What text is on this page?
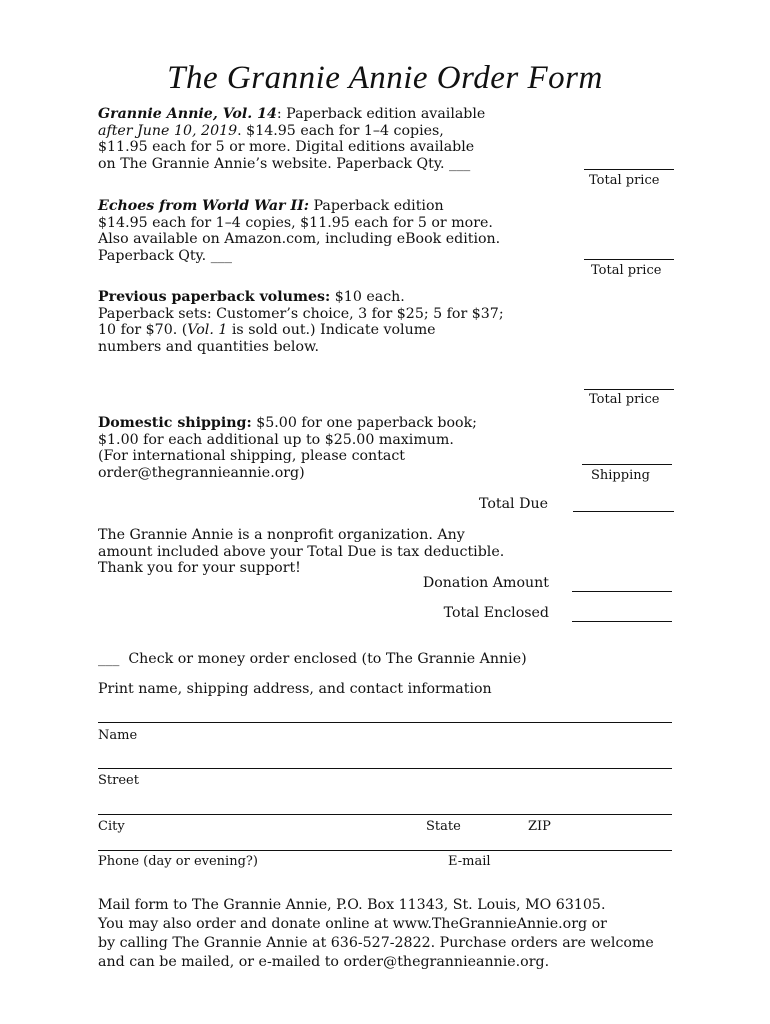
The Grannie Annie Order Form
Grannie Annie, Vol. 14: Paperback edition available
after June 10, 2019. $14.95 each for 1–4 copies,
$11.95 each for 5 or more. Digital editions available
on The Grannie Annie’s website. Paperback Qty. ___
Total price
Echoes from World War II: Paperback edition
$14.95 each for 1–4 copies, $11.95 each for 5 or more.
Also available on Amazon.com, including eBook edition.
Paperback Qty. ___
Total price
Previous paperback volumes: $10 each.
Paperback sets: Customer’s choice, 3 for $25; 5 for $37;
10 for $70. (Vol. 1 is sold out.) Indicate volume
numbers and quantities below.
Total price
Domestic shipping: $5.00 for one paperback book;
$1.00 for each additional up to $25.00 maximum.
(For international shipping, please contact
order@thegrannieannie.org)	Shipping
Total Due
The Grannie Annie is a nonprofit organization. Any
amount included above your Total Due is tax deductible.
Thank you for your support!
Donation Amount
Total Enclosed
___ Check or money order enclosed (to The Grannie Annie)
Print name, shipping address, and contact information
Name
Street
City	State	ZIP
Phone (day or evening?)	E-mail
Mail form to The Grannie Annie, P.O. Box 11343, St. Louis, MO 63105.
You may also order and donate online at www.TheGrannieAnnie.org or
by calling The Grannie Annie at 636-527-2822. Purchase orders are welcome
and can be mailed, or e-mailed to order@thegrannieannie.org.
